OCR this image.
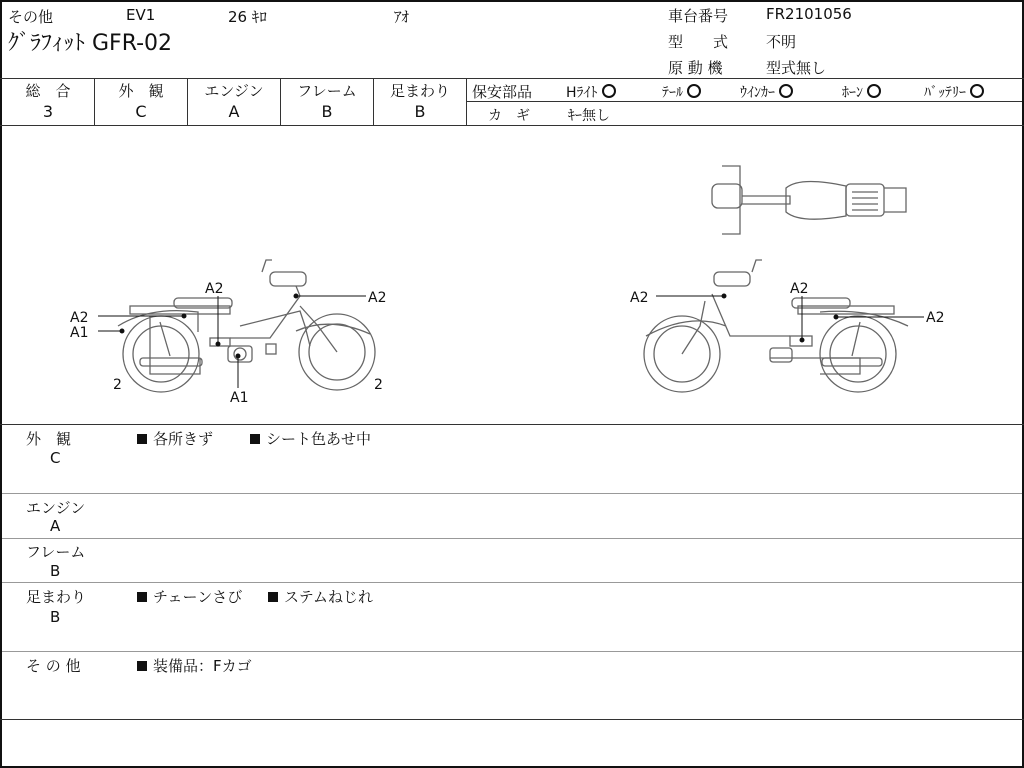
その他	EV1	26 ｷﾛ	ｱｵ
ｸﾞﾗﾌｨｯﾄ GFR-02
車台番号	FR2101056
型　　式	不明
原 動 機	型式無し
総　合
3
外　観
C
エンジン
A
フレーム
B
足まわり
B
保安部品 Hﾗｲﾄ	ﾃｰﾙ	ｳｲﾝｶｰ	ﾎｰﾝ	ﾊﾞｯﾃﾘｰ
カ　ギ	ｷｰ無し
A2
A2
A1
A2
A1
2	2
A2
A2
A2
外　観
C
各所きず	シート色あせ中
エンジン
A
フレーム
B
足まわり
B
チェーンさび	ステムねじれ
そ の 他	装備品：Fカゴ
